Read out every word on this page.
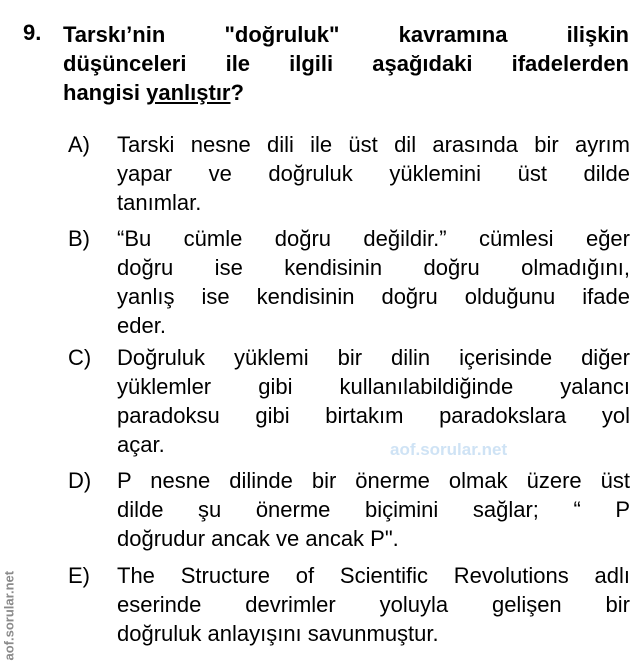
9. Tarskı’nin "doğruluk" kavramına ilişkin
düşünceleri ile ilgili aşağıdaki ifadelerden
hangisi yanlıştır?
A) Tarski nesne dili ile üst dil arasında bir ayrım
yapar ve doğruluk yüklemini üst dilde
tanımlar.
B) “Bu cümle doğru değildir.” cümlesi eğer
doğru ise kendisinin doğru olmadığını,
yanlış ise kendisinin doğru olduğunu ifade
eder.
C) Doğruluk yüklemi bir dilin içerisinde diğer
yüklemler gibi kullanılabildiğinde yalancı
paradoksu gibi birtakım paradokslara yol
açar.
D) P nesne dilinde bir önerme olmak üzere üst
dilde şu önerme biçimini sağlar; “ P
doğrudur ancak ve ancak P".
E) The Structure of Scientific Revolutions adlı
eserinde devrimler yoluyla gelişen bir
doğruluk anlayışını savunmuştur.
aof.sorular.net
aof.sorular.net
